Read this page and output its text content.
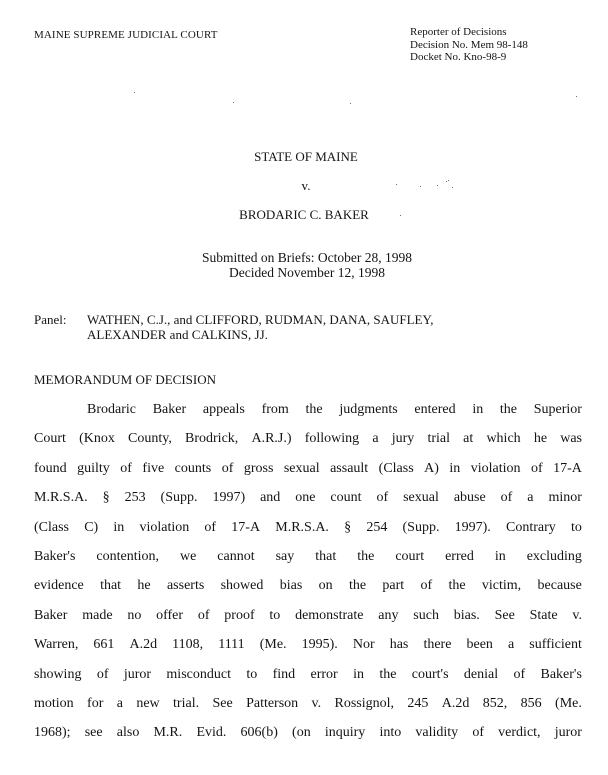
MAINE SUPREME JUDICIAL COURT	Reporter of Decisions
Decision No. Mem 98-148
Docket No. Kno-98-9
STATE OF MAINE
v.
BRODARIC C. BAKER
Submitted on Briefs: October 28, 1998
Decided November 12, 1998
Panel: WATHEN, C.J., and CLIFFORD, RUDMAN, DANA, SAUFLEY,
ALEXANDER and CALKINS, JJ.
MEMORANDUM OF DECISION
Brodaric Baker appeals from the judgments entered in the Superior
Court (Knox County, Brodrick, A.R.J.) following a jury trial at which he was
found guilty of five counts of gross sexual assault (Class A) in violation of 17-A
M.R.S.A. § 253 (Supp. 1997) and one count of sexual abuse of a minor
(Class C) in violation of 17-A M.R.S.A. § 254 (Supp. 1997). Contrary to
Baker's contention, we cannot say that the court erred in excluding
evidence that he asserts showed bias on the part of the victim, because
Baker made no offer of proof to demonstrate any such bias. See State v.
Warren, 661 A.2d 1108, 1111 (Me. 1995). Nor has there been a sufficient
showing of juror misconduct to find error in the court's denial of Baker's
motion for a new trial. See Patterson v. Rossignol, 245 A.2d 852, 856 (Me.
1968); see also M.R. Evid. 606(b) (on inquiry into validity of verdict, juror
